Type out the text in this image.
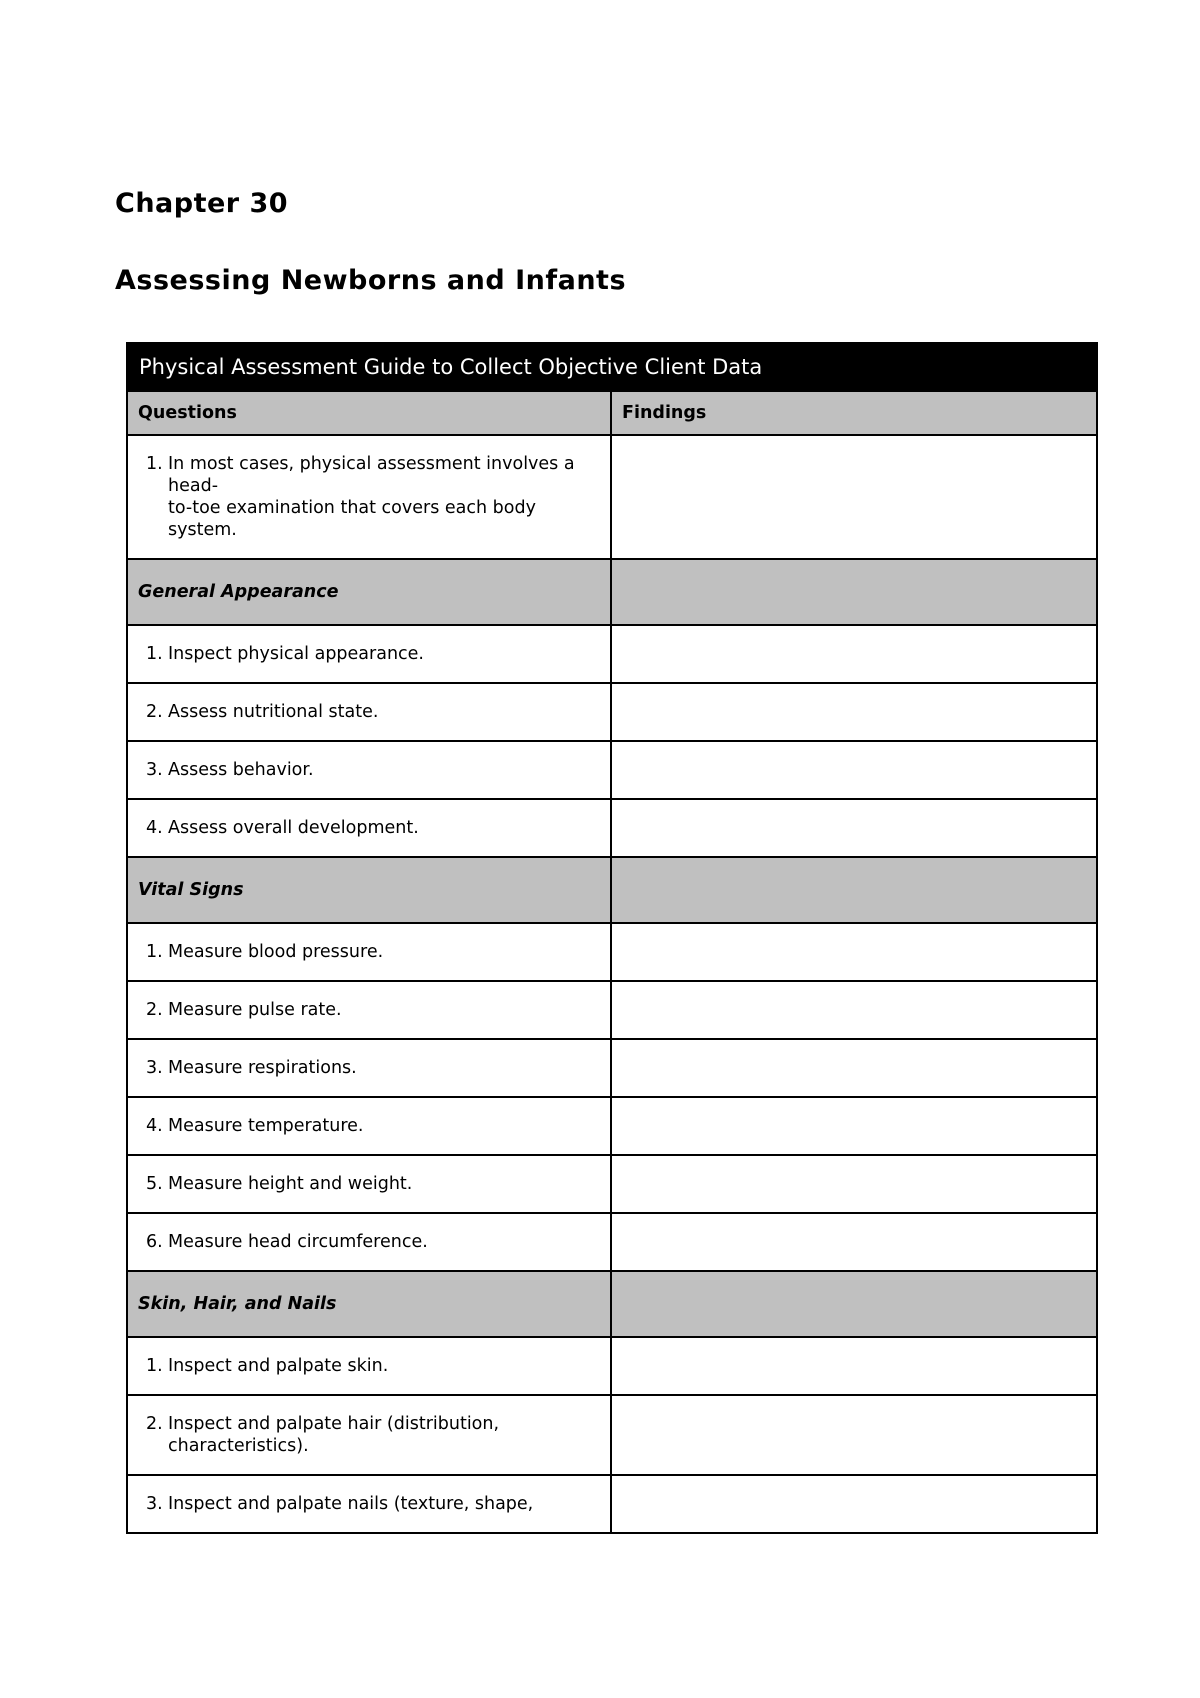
Chapter 30
Assessing Newborns and Infants
Physical Assessment Guide to Collect Objective Client Data	
Questions	Findings

1. In most cases, physical assessment involves a head-
to-toe examination that covers each body system.	

General Appearance	

1. Inspect physical appearance.	

2. Assess nutritional state.	

3. Assess behavior.	

4. Assess overall development.	

Vital Signs	

1. Measure blood pressure.	

2. Measure pulse rate.	

3. Measure respirations.	

4. Measure temperature.	

5. Measure height and weight.	

6. Measure head circumference.	

Skin, Hair, and Nails	

1. Inspect and palpate skin.	

2. Inspect and palpate hair (distribution, characteristics).	

3. Inspect and palpate nails (texture, shape,	
